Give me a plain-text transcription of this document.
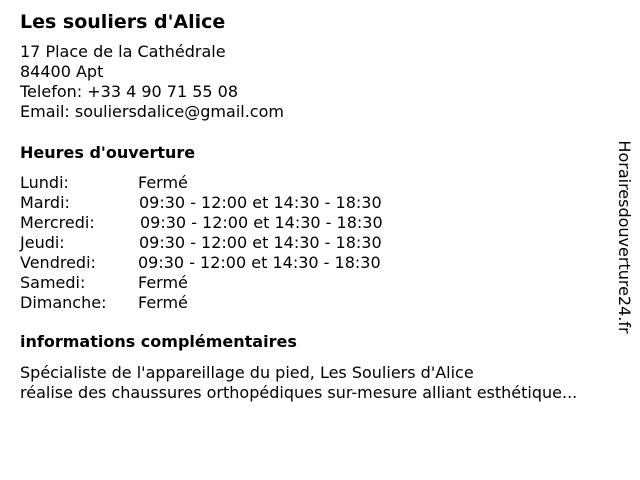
Les souliers d'Alice
17 Place de la Cathédrale
84400 Apt
Telefon: +33 4 90 71 55 08
Email: souliersdalice@gmail.com
Heures d'ouverture
Lundi:	Fermé
Mardi:	09:30 - 12:00 et 14:30 - 18:30
Mercredi:	09:30 - 12:00 et 14:30 - 18:30
Jeudi:	09:30 - 12:00 et 14:30 - 18:30
Vendredi:	09:30 - 12:00 et 14:30 - 18:30
Samedi:	Fermé
Dimanche: Fermé
informations complémentaires
Spécialiste de l'appareillage du pied, Les Souliers d'Alice
réalise des chaussures orthopédiques sur-mesure alliant esthétique...
Horairesdouverture24.fr
